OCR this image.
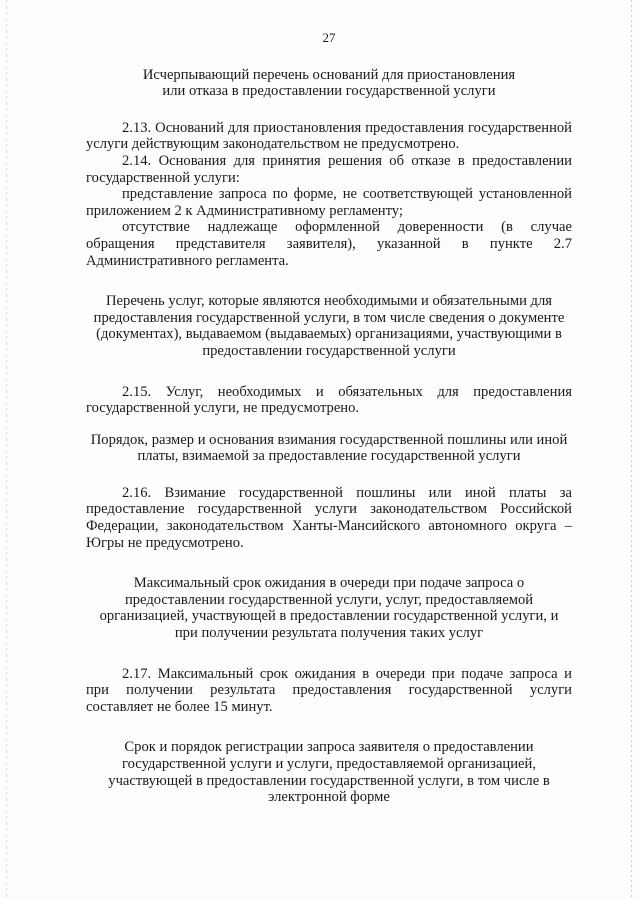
27

Исчерпывающий перечень оснований для приостановления или отказа в предоставлении государственной услуги

2.13. Оснований для приостановления предоставления государственной услуги действующим законодательством не предусмотрено.

2.14. Основания для принятия решения об отказе в предоставлении государственной услуги:

представление запроса по форме, не соответствующей установленной приложением 2 к Административному регламенту;

отсутствие надлежаще оформленной доверенности (в случае обращения представителя заявителя), указанной в пункте 2.7 Административного регламента.

Перечень услуг, которые являются необходимыми и обязательными для предоставления государственной услуги, в том числе сведения о документе (документах), выдаваемом (выдаваемых) организациями, участвующими в предоставлении государственной услуги

2.15. Услуг, необходимых и обязательных для предоставления государственной услуги, не предусмотрено.

Порядок, размер и основания взимания государственной пошлины или иной платы, взимаемой за предоставление государственной услуги

2.16. Взимание государственной пошлины или иной платы за предоставление государственной услуги законодательством Российской Федерации, законодательством Ханты-Мансийского автономного округа – Югры не предусмотрено.

Максимальный срок ожидания в очереди при подаче запроса о предоставлении государственной услуги, услуг, предоставляемой организацией, участвующей в предоставлении государственной услуги, и при получении результата получения таких услуг

2.17. Максимальный срок ожидания в очереди при подаче запроса и при получении результата предоставления государственной услуги составляет не более 15 минут.

Срок и порядок регистрации запроса заявителя о предоставлении государственной услуги и услуги, предоставляемой организацией, участвующей в предоставлении государственной услуги, в том числе в электронной форме
